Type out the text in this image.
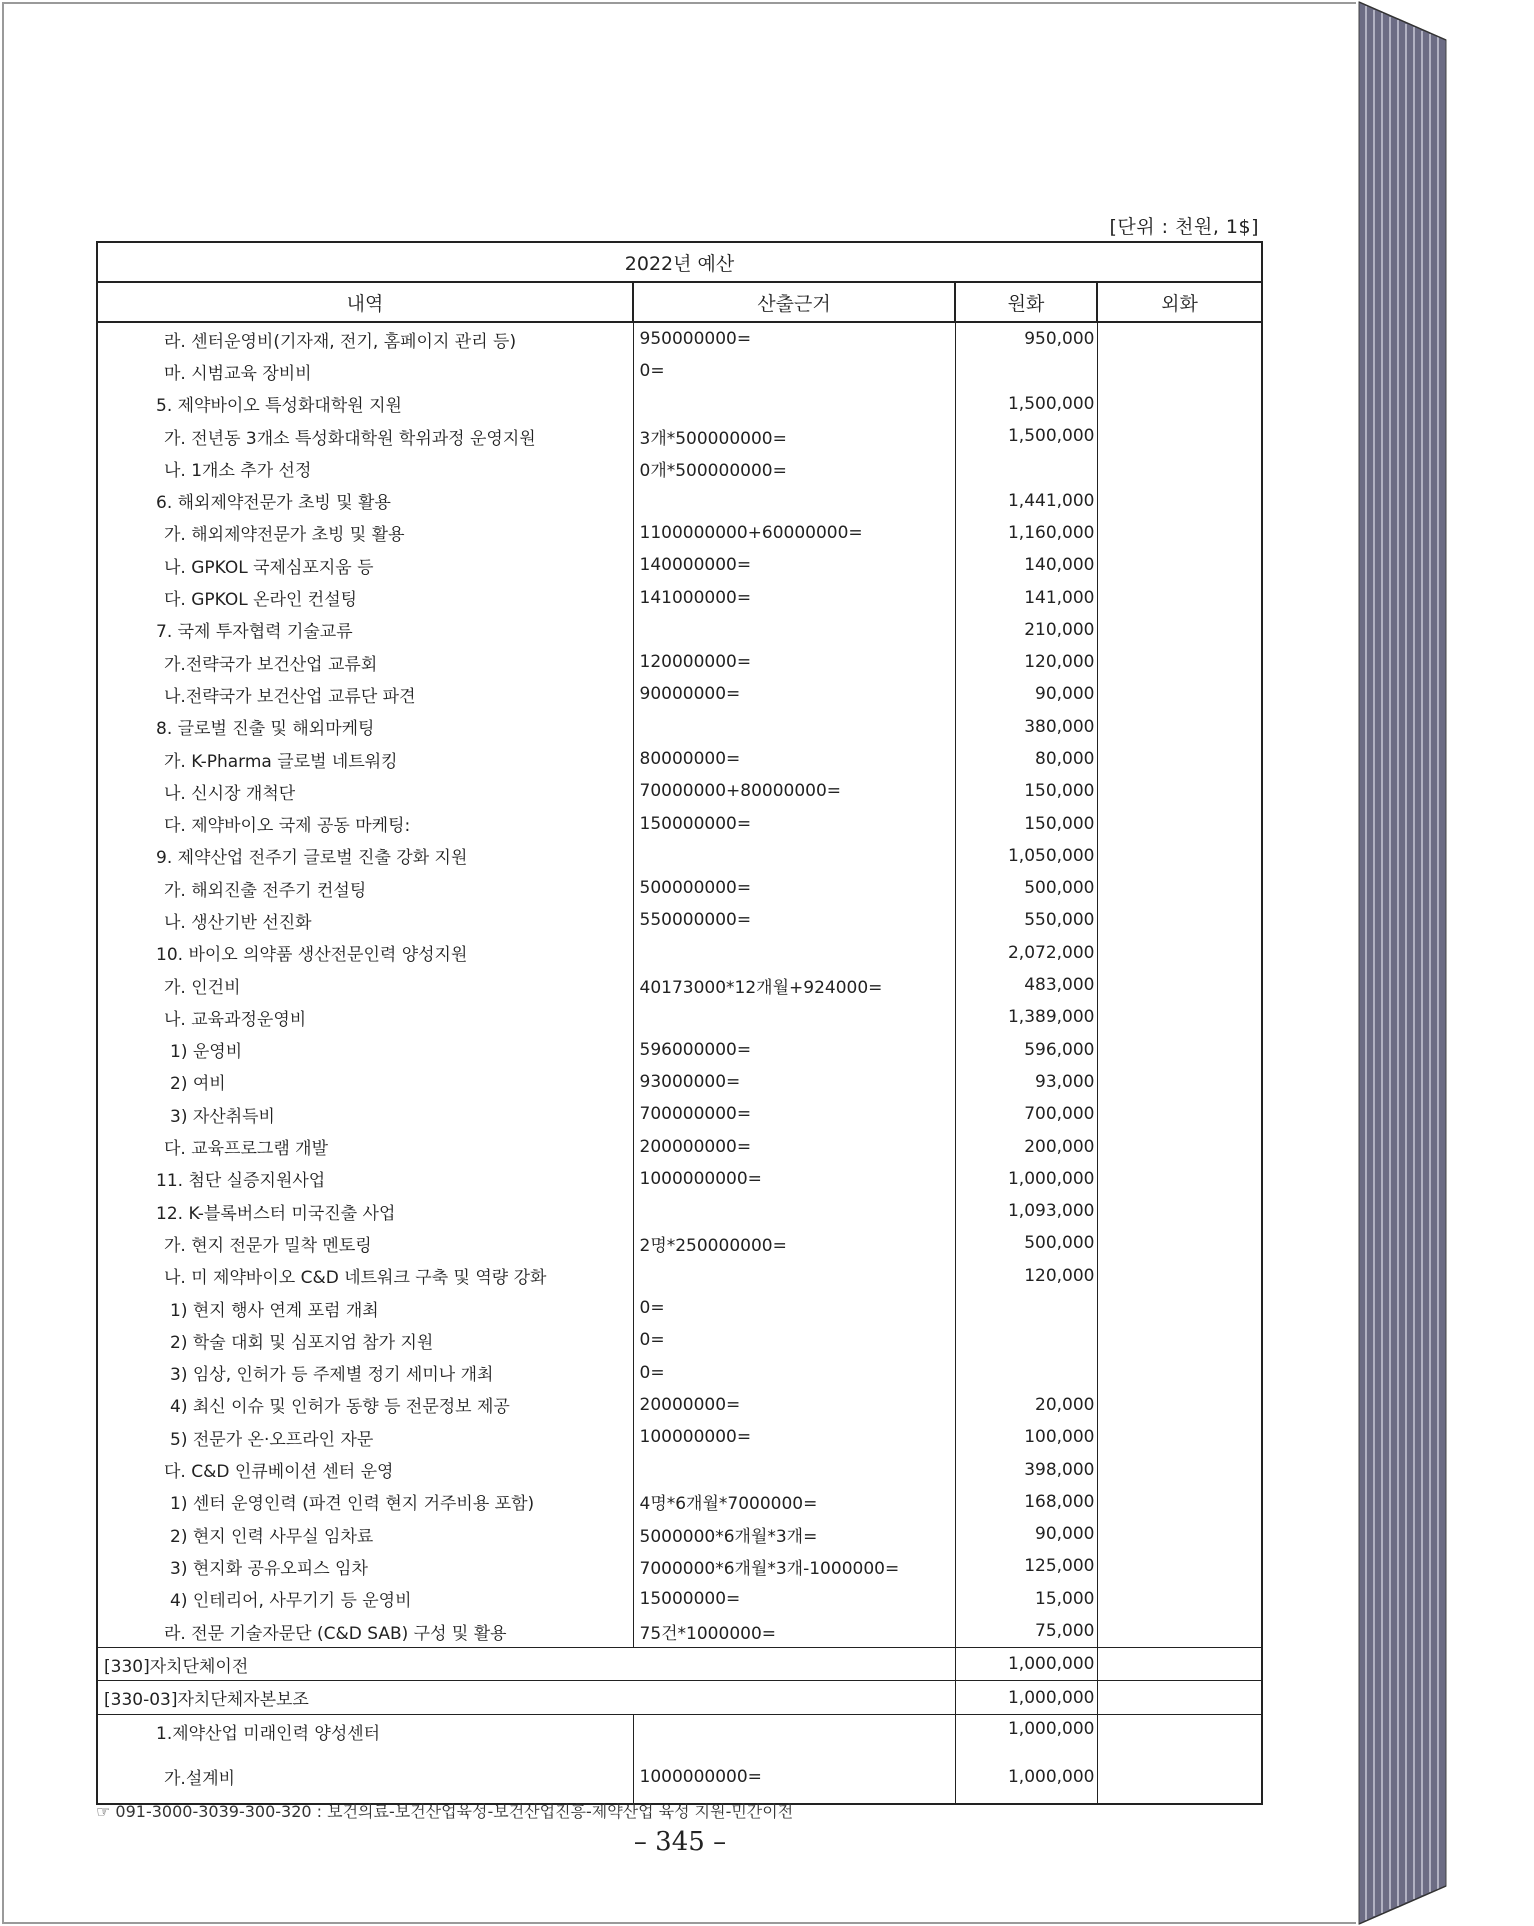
[단위 : 천원, 1$]
2022년 예산			
내역	산출근거	원화	외화
라. 센터운영비(기자재, 전기, 홈페이지 관리 등)	950000000=	950,000	
마. 시범교육 장비비	0=		
5. 제약바이오 특성화대학원 지원		1,500,000	
가. 전년동 3개소 특성화대학원 학위과정 운영지원	3개*500000000=	1,500,000	
나. 1개소 추가 선정	0개*500000000=		
6. 해외제약전문가 초빙 및 활용		1,441,000	
가. 해외제약전문가 초빙 및 활용	1100000000+60000000=	1,160,000	
나. GPKOL 국제심포지움 등	140000000=	140,000	
다. GPKOL 온라인 컨설팅	141000000=	141,000	
7. 국제 투자협력 기술교류		210,000	
가.전략국가 보건산업 교류회	120000000=	120,000	
나.전략국가 보건산업 교류단 파견	90000000=	90,000	
8. 글로벌 진출 및 해외마케팅		380,000	
가. K-Pharma 글로벌 네트워킹	80000000=	80,000	
나. 신시장 개척단	70000000+80000000=	150,000	
다. 제약바이오 국제 공동 마케팅:	150000000=	150,000	
9. 제약산업 전주기 글로벌 진출 강화 지원		1,050,000	
가. 해외진출 전주기 컨설팅	500000000=	500,000	
나. 생산기반 선진화	550000000=	550,000	
10. 바이오 의약품 생산전문인력 양성지원		2,072,000	
가. 인건비	40173000*12개월+924000=	483,000	
나. 교육과정운영비		1,389,000	
1) 운영비	596000000=	596,000	
2) 여비	93000000=	93,000	
3) 자산취득비	700000000=	700,000	
다. 교육프로그램 개발	200000000=	200,000	
11. 첨단 실증지원사업	1000000000=	1,000,000	
12. K-블록버스터 미국진출 사업		1,093,000	
가. 현지 전문가 밀착 멘토링	2명*250000000=	500,000	
나. 미 제약바이오 C&D 네트워크 구축 및 역량 강화		120,000	
1) 현지 행사 연계 포럼 개최	0=		
2) 학술 대회 및 심포지엄 참가 지원	0=		
3) 임상, 인허가 등 주제별 정기 세미나 개최	0=		
4) 최신 이슈 및 인허가 동향 등 전문정보 제공	20000000=	20,000	
5) 전문가 온·오프라인 자문	100000000=	100,000	
다. C&D 인큐베이션 센터 운영		398,000	
1) 센터 운영인력 (파견 인력 현지 거주비용 포함)	4명*6개월*7000000=	168,000	
2) 현지 인력 사무실 임차료	5000000*6개월*3개=	90,000	
3) 현지화 공유오피스 임차	7000000*6개월*3개-1000000=	125,000	
4) 인테리어, 사무기기 등 운영비	15000000=	15,000	
라. 전문 기술자문단 (C&D SAB) 구성 및 활용	75건*1000000=	75,000	
[330]자치단체이전		1,000,000	
[330-03]자치단체자본보조		1,000,000	
1.제약산업 미래인력 양성센터		1,000,000	
가.설계비	1000000000=	1,000,000	
☞ 091-3000-3039-300-320 : 보건의료-보건산업육성-보건산업진흥-제약산업 육성 지원-민간이전
– 345 –
